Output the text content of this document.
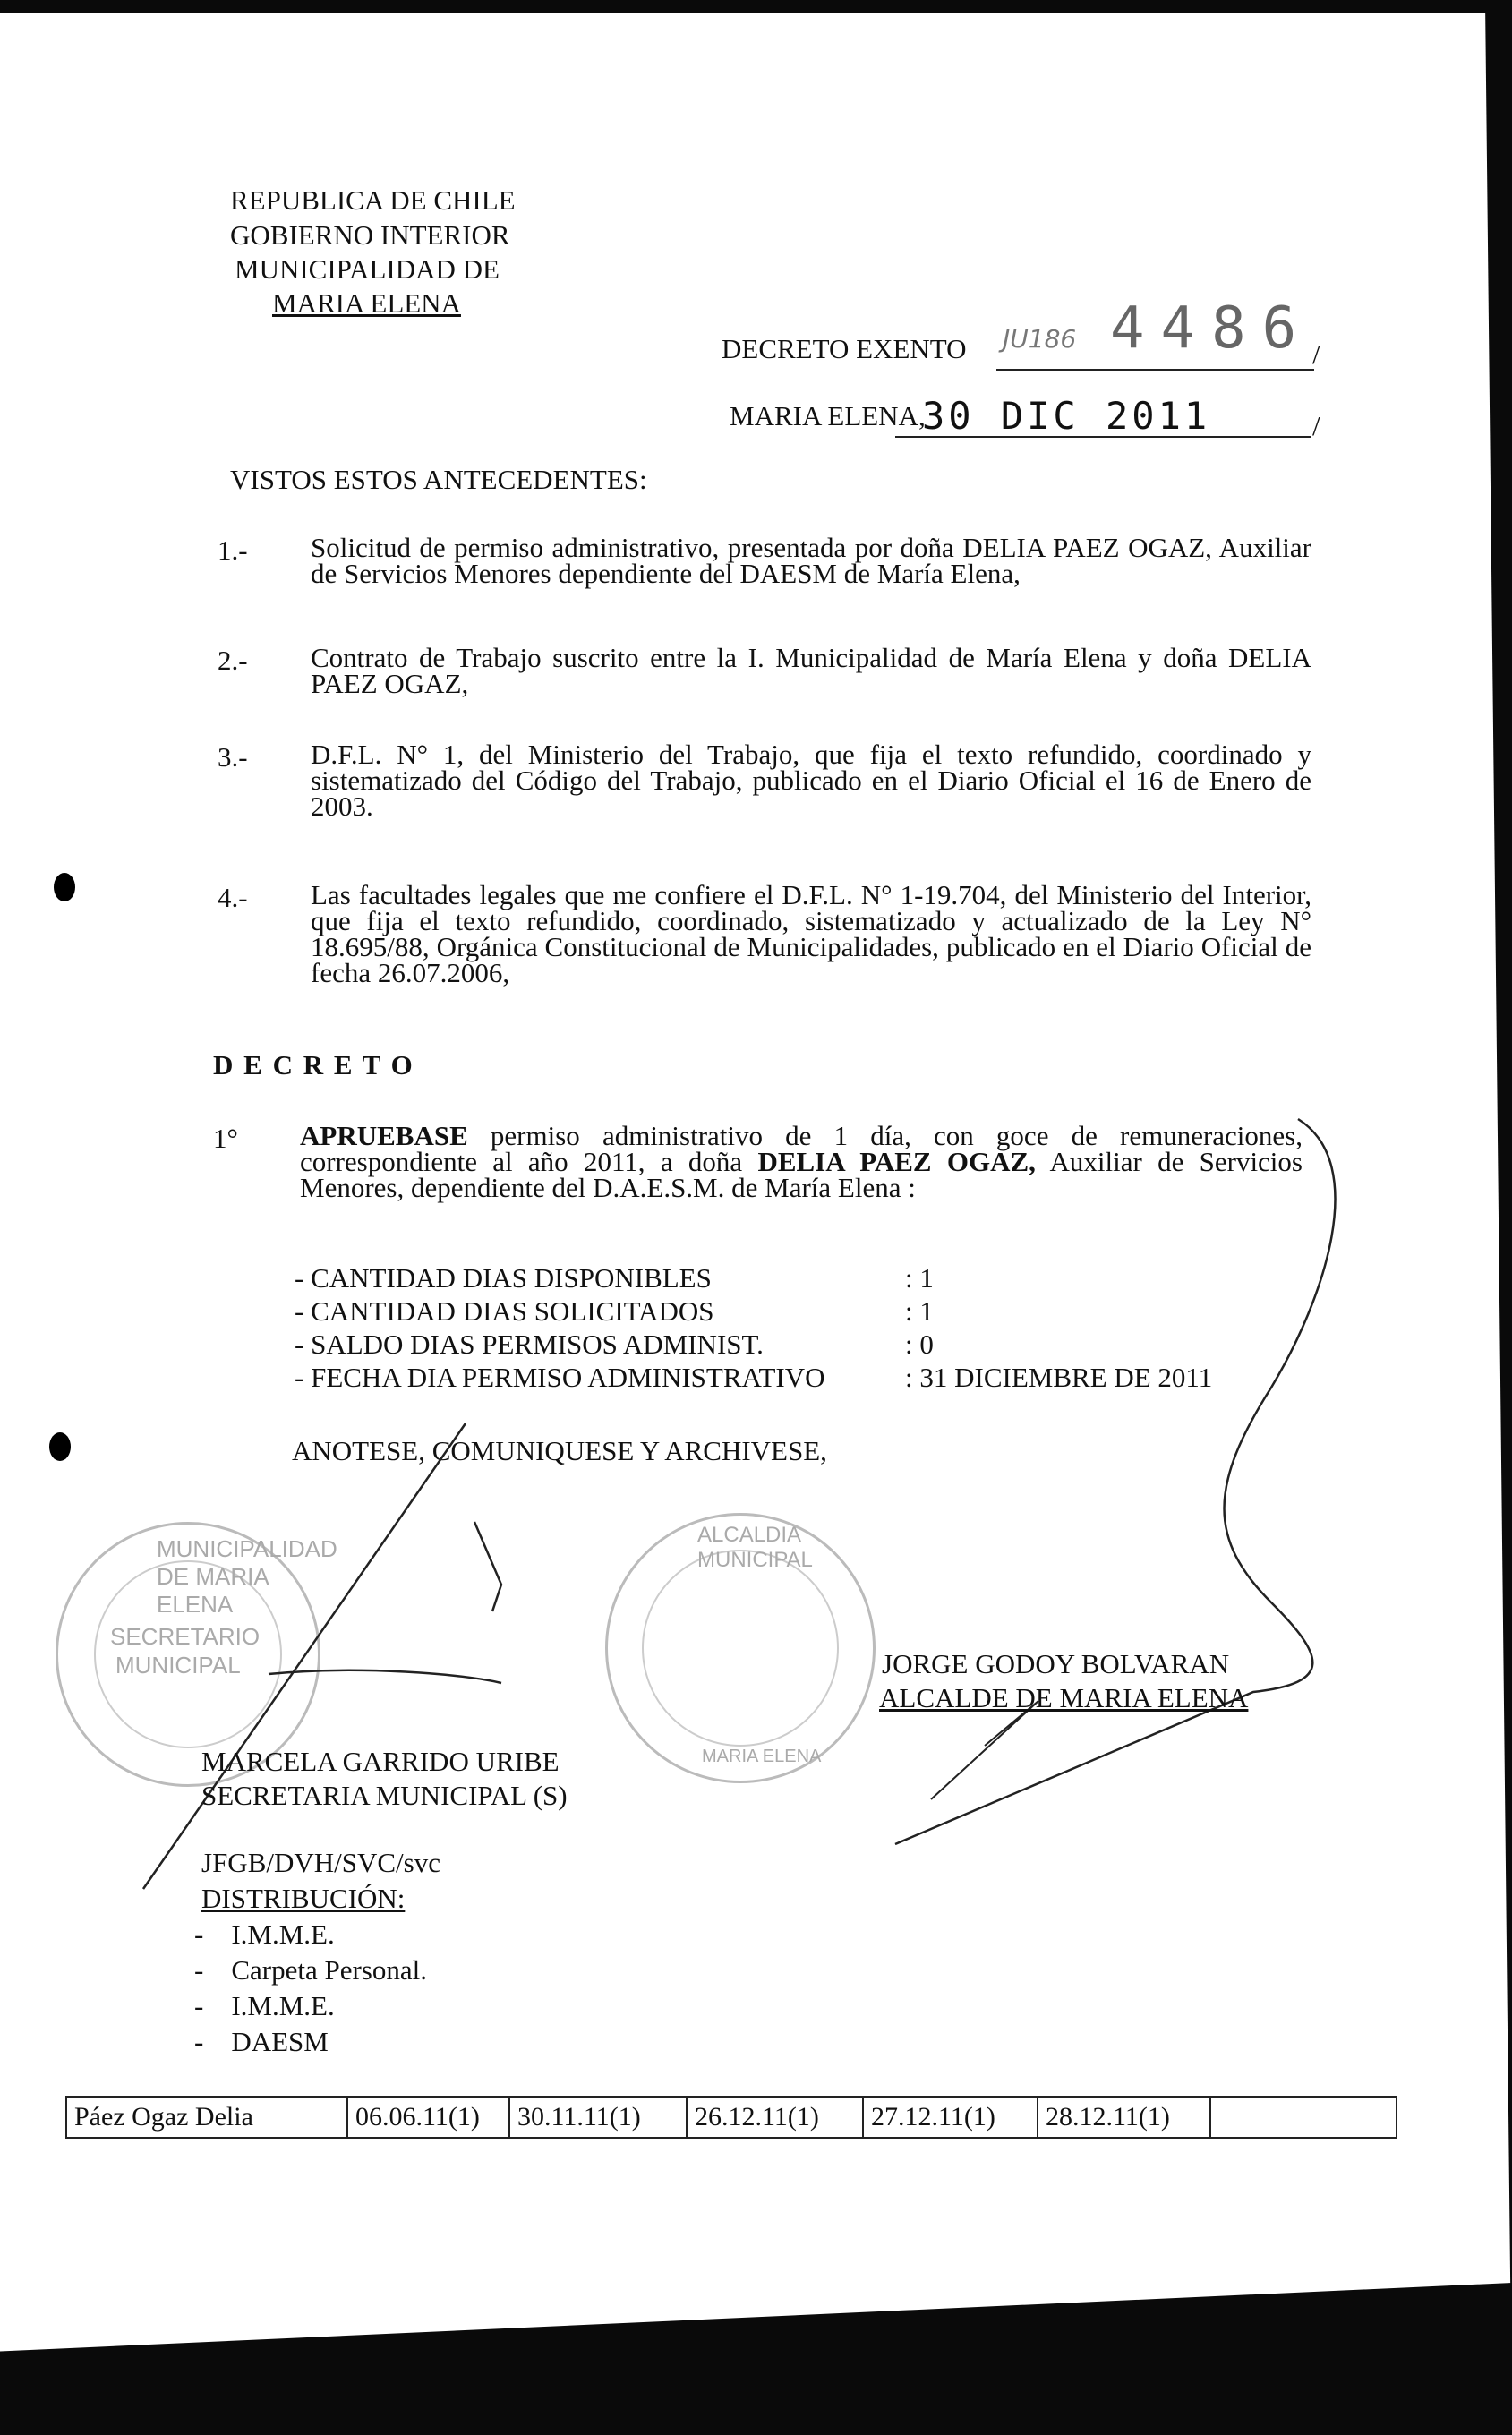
REPUBLICA DE CHILE
GOBIERNO INTERIOR
MUNICIPALIDAD DE
MARIA ELENA
DECRETO EXENTO JU186 4486 /
MARIA ELENA,
30 DIC 2011	/
VISTOS ESTOS ANTECEDENTES:
1.- Solicitud de permiso administrativo, presentada por doña DELIA PAEZ OGAZ, Auxiliar de Servicios Menores dependiente del DAESM de María Elena,
2.- Contrato de Trabajo suscrito entre la I. Municipalidad de María Elena y doña DELIA PAEZ OGAZ,
3.- D.F.L. N° 1, del Ministerio del Trabajo, que fija el texto refundido, coordinado y sistematizado del Código del Trabajo, publicado en el Diario Oficial el 16 de Enero de 2003.
4.- Las facultades legales que me confiere el D.F.L. N° 1-19.704, del Ministerio del Interior, que fija el texto refundido, coordinado, sistematizado y actualizado de la Ley N° 18.695/88, Orgánica Constitucional de Municipalidades, publicado en el Diario Oficial de fecha 26.07.2006,
D E C R E T O
1° APRUEBASE permiso administrativo de 1 día, con goce de remuneraciones, correspondiente al año 2011, a doña DELIA PAEZ OGAZ, Auxiliar de Servicios Menores, dependiente del D.A.E.S.M. de María Elena :
- CANTIDAD DIAS DISPONIBLES	: 1
- CANTIDAD DIAS SOLICITADOS	: 1
- SALDO DIAS PERMISOS ADMINIST.	: 0
- FECHA DIA PERMISO ADMINISTRATIVO	: 31 DICIEMBRE DE 2011
ANOTESE, COMUNIQUESE Y ARCHIVESE,
MUNICIPALIDAD DE MARIA ELENA
SECRETARIO
MUNICIPAL
ALCALDIA MUNICIPAL
MARIA ELENA
JORGE GODOY BOLVARAN
ALCALDE DE MARIA ELENA
MARCELA GARRIDO URIBE
SECRETARIA MUNICIPAL (S)
JFGB/DVH/SVC/svc
DISTRIBUCIÓN:
-    I.M.M.E.
-    Carpeta Personal.
-    I.M.M.E.
-    DAESM
Páez Ogaz Delia	06.06.11(1)	30.11.11(1)	26.12.11(1)	27.12.11(1)	28.12.11(1)	
